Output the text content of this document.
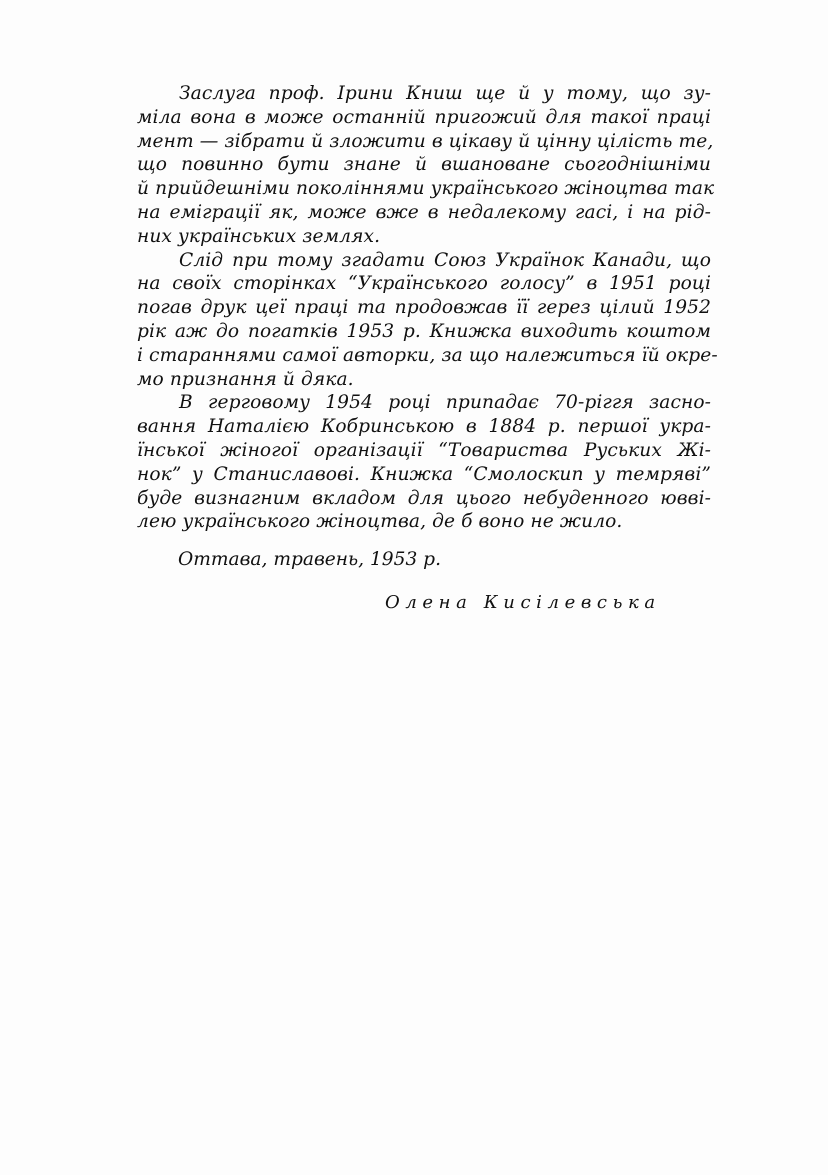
Заслуга проф. Ірини Книш ще й у тому, що зу-
міла вона в може останній пригожий для такої праці
мент — зібрати й зложити в цікаву й цінну цілість те,
що повинно бути знане й вшановане сьогоднішніми
й прийдешніми поколіннями українського жіноцтва так
на еміграції як, може вже в недалекому гасі, і на рід-
них українських землях.
Слід при тому згадати Союз Українок Канади, що
на своїх сторінках “Українського голосу” в 1951 році
погав друк цеї праці та продовжав її герез цілий 1952
рік аж до погатків 1953 р. Книжка виходить коштом
і стараннями самої авторки, за що належиться їй окре-
мо признання й дяка.
В герговому 1954 році припадає 70-ріггя засно-
вання Наталією Кобринською в 1884 р. першої укра-
їнської жіногої організації “Товариства Руських Жі-
нок” у Станиславові. Книжка “Смолоскип у темряві”
буде визнагним вкладом для цього небуденного ювві-
лею українського жіноцтва, де б воно не жило.
Оттава, травень, 1953 р.
Олена Кисілевська
